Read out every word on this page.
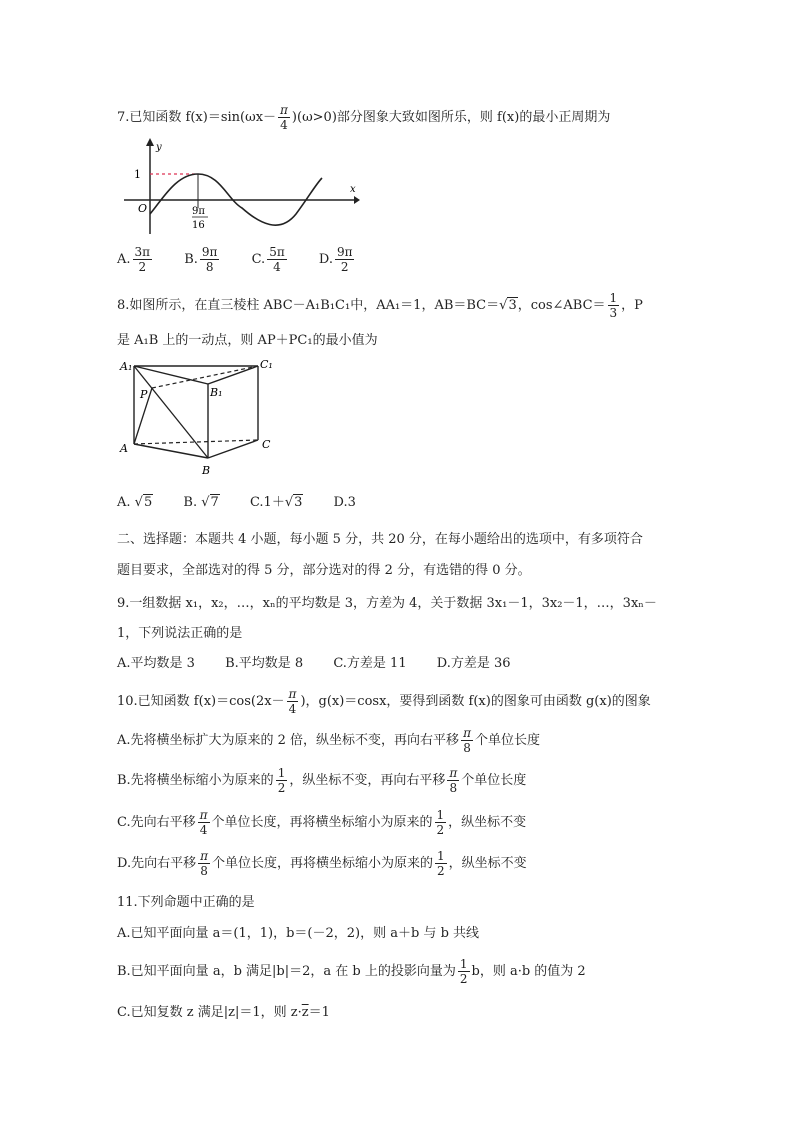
7.已知函数 $f(x)=\sin(\omega x- \frac{\pi}{4} )(\omega>0)$部分图象大致如图所乐，则 f(x)的最小正周期为
y
x
1
O	9π
16
A. $\frac{3\pi}{2} B$. $\frac{9\pi}{8} C$. $\frac{5\pi}{4} D$. $\frac{9\pi}{2}$
8.如图所示，在直三棱柱 ABC－A₁B₁C₁中，AA₁＝1，AB＝BC＝√3，cos∠ABC＝ $\frac{1}{3}$ ，P
是 A₁B 上的一动点，则 AP＋PC₁的最小值为
A₁	C₁
B₁
P
A
B
C
A. √5 B. √7 C.1＋√3 D.3
二、选择题：本题共 4 小题，每小题 5 分，共 20 分，在每小题给出的选项中，有多项符合
题目要求，全部选对的得 5 分，部分选对的得 2 分，有选错的得 0 分。
9.一组数据 x₁，x₂，…，xₙ的平均数是 3，方差为 4，关于数据 3x₁－1，3x₂－1，…，3xₙ－
1，下列说法正确的是
A.平均数是 3 B.平均数是 8 C.方差是 11 D.方差是 36
10.已知函数 $f(x)=\cos(2x- \frac{\pi}{4}$ )，g(x)＝cosx，要得到函数 f(x)的图象可由函数 g(x)的图象
A.先将横坐标扩大为原来的 2 倍，纵坐标不变，再向右平移 $\frac{\pi}{8}$ 个单位长度
B.先将横坐标缩小为原来的 $\frac{1}{2}$ ，纵坐标不变，再向右平移 $\frac{\pi}{8}$ 个单位长度
C.先向右平移 $\frac{\pi}{4}$ 个单位长度，再将横坐标缩小为原来的 $\frac{1}{2}$ ，纵坐标不变
D.先向右平移 $\frac{\pi}{8}$ 个单位长度，再将横坐标缩小为原来的 $\frac{1}{2}$ ，纵坐标不变
11.下列命题中正确的是
A.已知平面向量 a＝(1，1)，b＝(－2，2)，则 a＋b 与 b 共线
B.已知平面向量 a，b 满足|b|＝2，a 在 b 上的投影向量为 $\frac{1}{2}$ b，则 a·b 的值为 2
C.已知复数 z 满足|z|＝1，则 $z\cdot\overline{z}=1$
